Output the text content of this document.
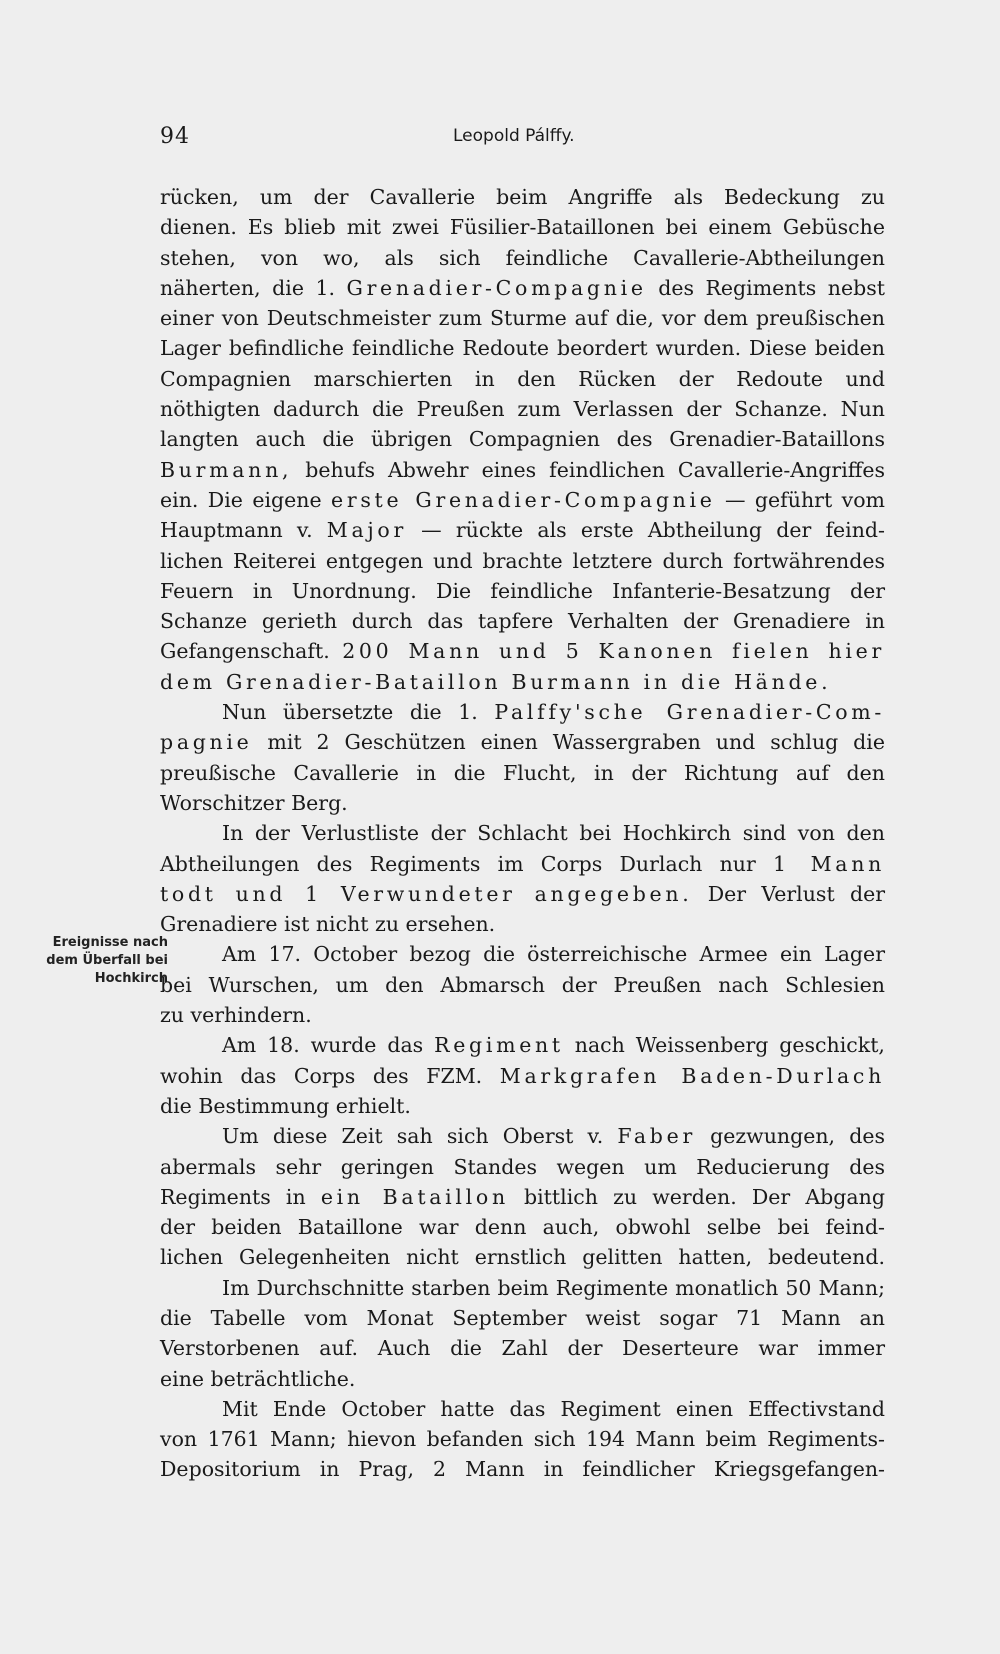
94	Leopold Pálffy.
Ereignisse nach
dem Überfall bei
Hochkirch
rücken, um der Cavallerie beim Angriffe als Bedeckung zu
dienen. Es blieb mit zwei Füsilier-Bataillonen bei einem Gebüsche
stehen, von wo, als sich feindliche Cavallerie-Abtheilungen
näherten, die 1. Grenadier-Compagnie des Regiments nebst
einer von Deutschmeister zum Sturme auf die, vor dem preußischen
Lager befindliche feindliche Redoute beordert wurden. Diese beiden
Compagnien marschierten in den Rücken der Redoute und
nöthigten dadurch die Preußen zum Verlassen der Schanze. Nun
langten auch die übrigen Compagnien des Grenadier-Bataillons
Burmann, behufs Abwehr eines feindlichen Cavallerie-Angriffes
ein. Die eigene erste Grenadier-Compagnie — geführt vom
Hauptmann v. Major — rückte als erste Abtheilung der feind-
lichen Reiterei entgegen und brachte letztere durch fortwährendes
Feuern in Unordnung. Die feindliche Infanterie-Besatzung der
Schanze gerieth durch das tapfere Verhalten der Grenadiere in
Gefangenschaft. 200 Mann und 5 Kanonen fielen hier
dem Grenadier-Bataillon Burmann in die Hände.
Nun übersetzte die 1. Palffy'sche Grenadier-Com-
pagnie mit 2 Geschützen einen Wassergraben und schlug die
preußische Cavallerie in die Flucht, in der Richtung auf den
Worschitzer Berg.
In der Verlustliste der Schlacht bei Hochkirch sind von den
Abtheilungen des Regiments im Corps Durlach nur 1 Mann
todt und 1 Verwundeter angegeben. Der Verlust der
Grenadiere ist nicht zu ersehen.
Am 17. October bezog die österreichische Armee ein Lager
bei Wurschen, um den Abmarsch der Preußen nach Schlesien
zu verhindern.
Am 18. wurde das Regiment nach Weissenberg geschickt,
wohin das Corps des FZM. Markgrafen Baden-Durlach
die Bestimmung erhielt.
Um diese Zeit sah sich Oberst v. Faber gezwungen, des
abermals sehr geringen Standes wegen um Reducierung des
Regiments in ein Bataillon bittlich zu werden. Der Abgang
der beiden Bataillone war denn auch, obwohl selbe bei feind-
lichen Gelegenheiten nicht ernstlich gelitten hatten, bedeutend.
Im Durchschnitte starben beim Regimente monatlich 50 Mann;
die Tabelle vom Monat September weist sogar 71 Mann an
Verstorbenen auf. Auch die Zahl der Deserteure war immer
eine beträchtliche.
Mit Ende October hatte das Regiment einen Effectivstand
von 1761 Mann; hievon befanden sich 194 Mann beim Regiments-
Depositorium in Prag, 2 Mann in feindlicher Kriegsgefangen-
